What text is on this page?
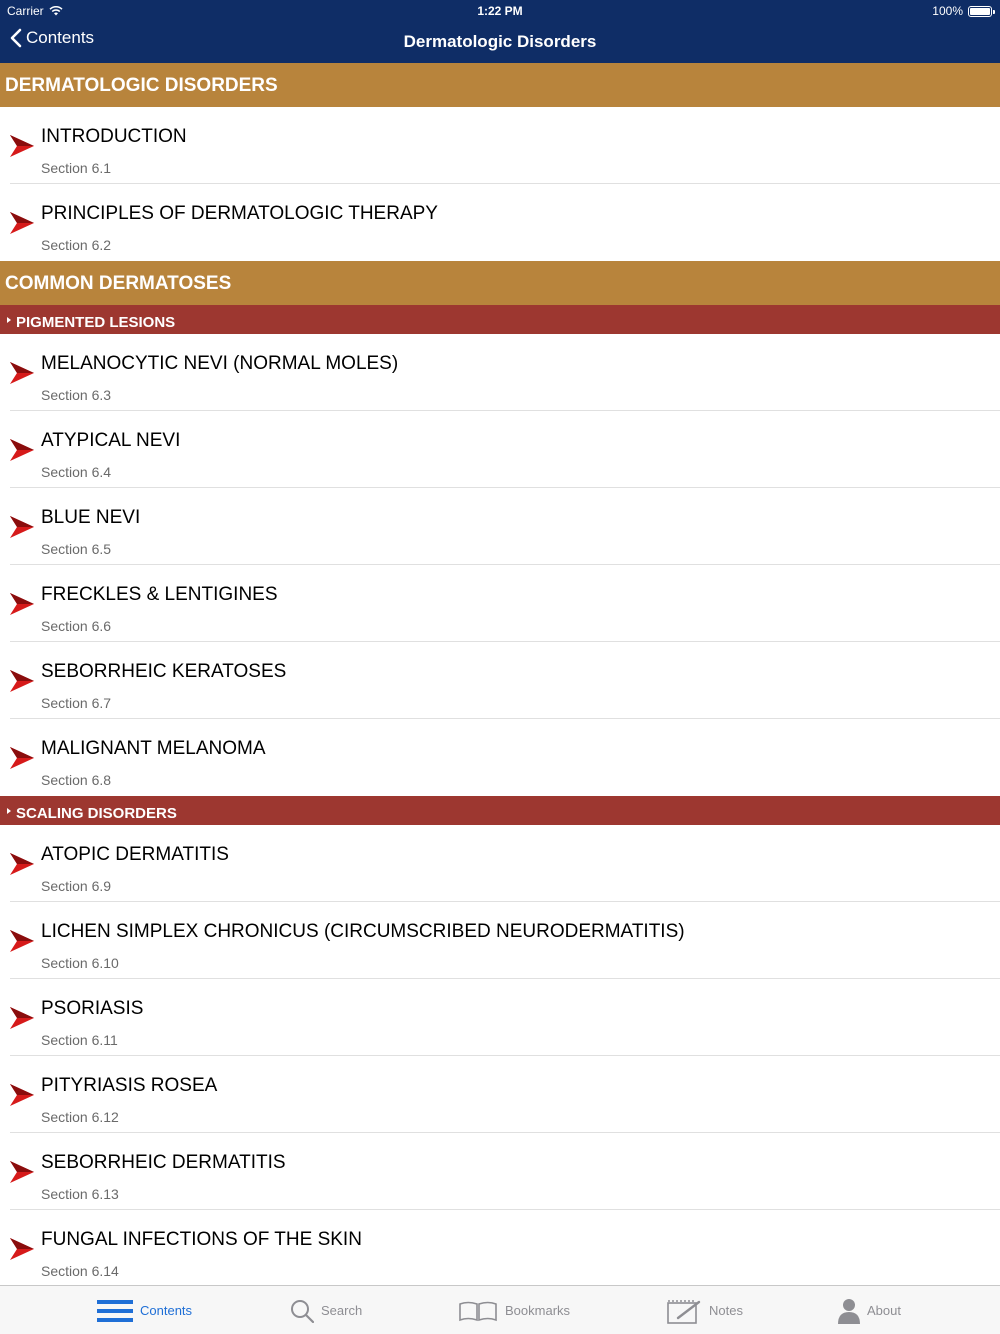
Carrier	1:22 PM	100%
Contents	Dermatologic Disorders
DERMATOLOGIC DISORDERS
INTRODUCTION
Section 6.1
PRINCIPLES OF DERMATOLOGIC THERAPY
Section 6.2
COMMON DERMATOSES
PIGMENTED LESIONS
MELANOCYTIC NEVI (NORMAL MOLES)
Section 6.3
ATYPICAL NEVI
Section 6.4
BLUE NEVI
Section 6.5
FRECKLES & LENTIGINES
Section 6.6
SEBORRHEIC KERATOSES
Section 6.7
MALIGNANT MELANOMA
Section 6.8
SCALING DISORDERS
ATOPIC DERMATITIS
Section 6.9
LICHEN SIMPLEX CHRONICUS (CIRCUMSCRIBED NEURODERMATITIS)
Section 6.10
PSORIASIS
Section 6.11
PITYRIASIS ROSEA
Section 6.12
SEBORRHEIC DERMATITIS
Section 6.13
FUNGAL INFECTIONS OF THE SKIN
Section 6.14
Contents	Search	Bookmarks	Notes	About
